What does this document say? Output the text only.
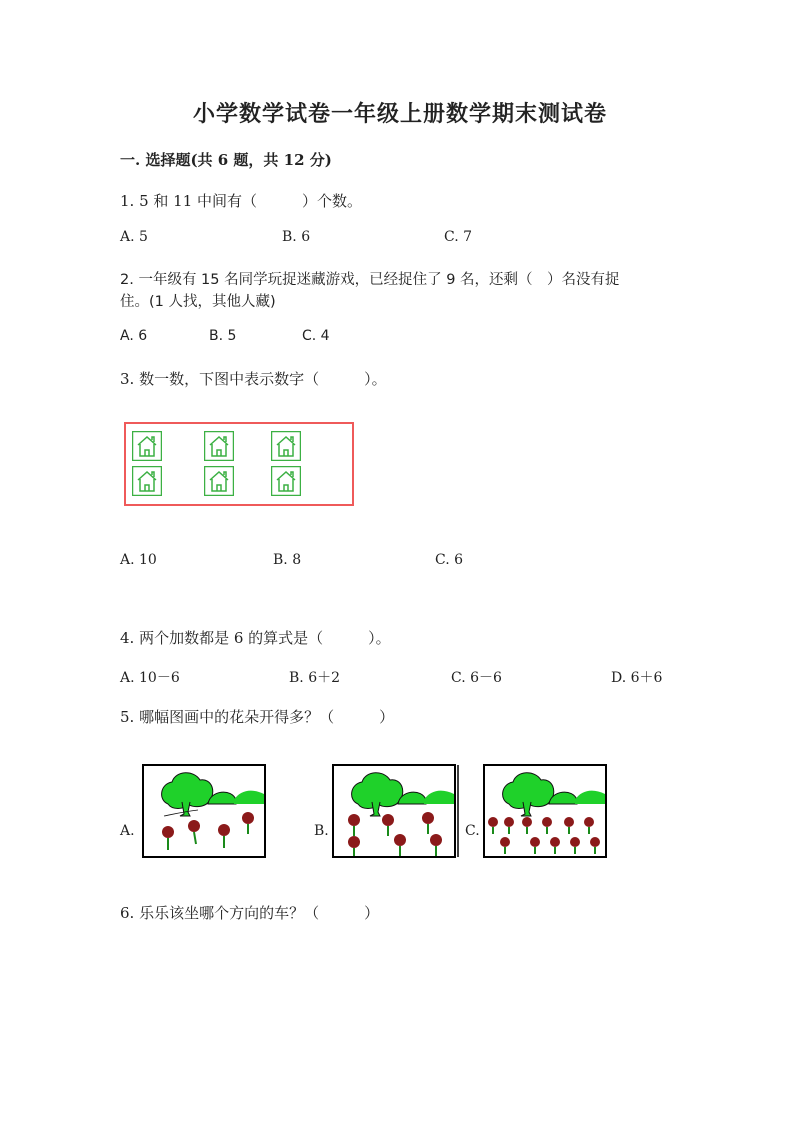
小学数学试卷一年级上册数学期末测试卷
一. 选择题(共 6 题，共 12 分)
1. 5 和 11 中间有（　　　）个数。
A. 5	B. 6	C. 7
2. 一年级有 15 名同学玩捉迷藏游戏，已经捉住了 9 名，还剩（　）名没有捉
住。(1 人找，其他人藏)
A. 6	B. 5	C. 4
3. 数一数，下图中表示数字（　　　）。
A. 10	B. 8	C. 6
4. 两个加数都是 6 的算式是（　　　）。
A. 10－6	B. 6＋2	C. 6－6	D. 6＋6
5. 哪幅图画中的花朵开得多？（　　　）
A.	B.	C.
6. 乐乐该坐哪个方向的车？（　　　）
